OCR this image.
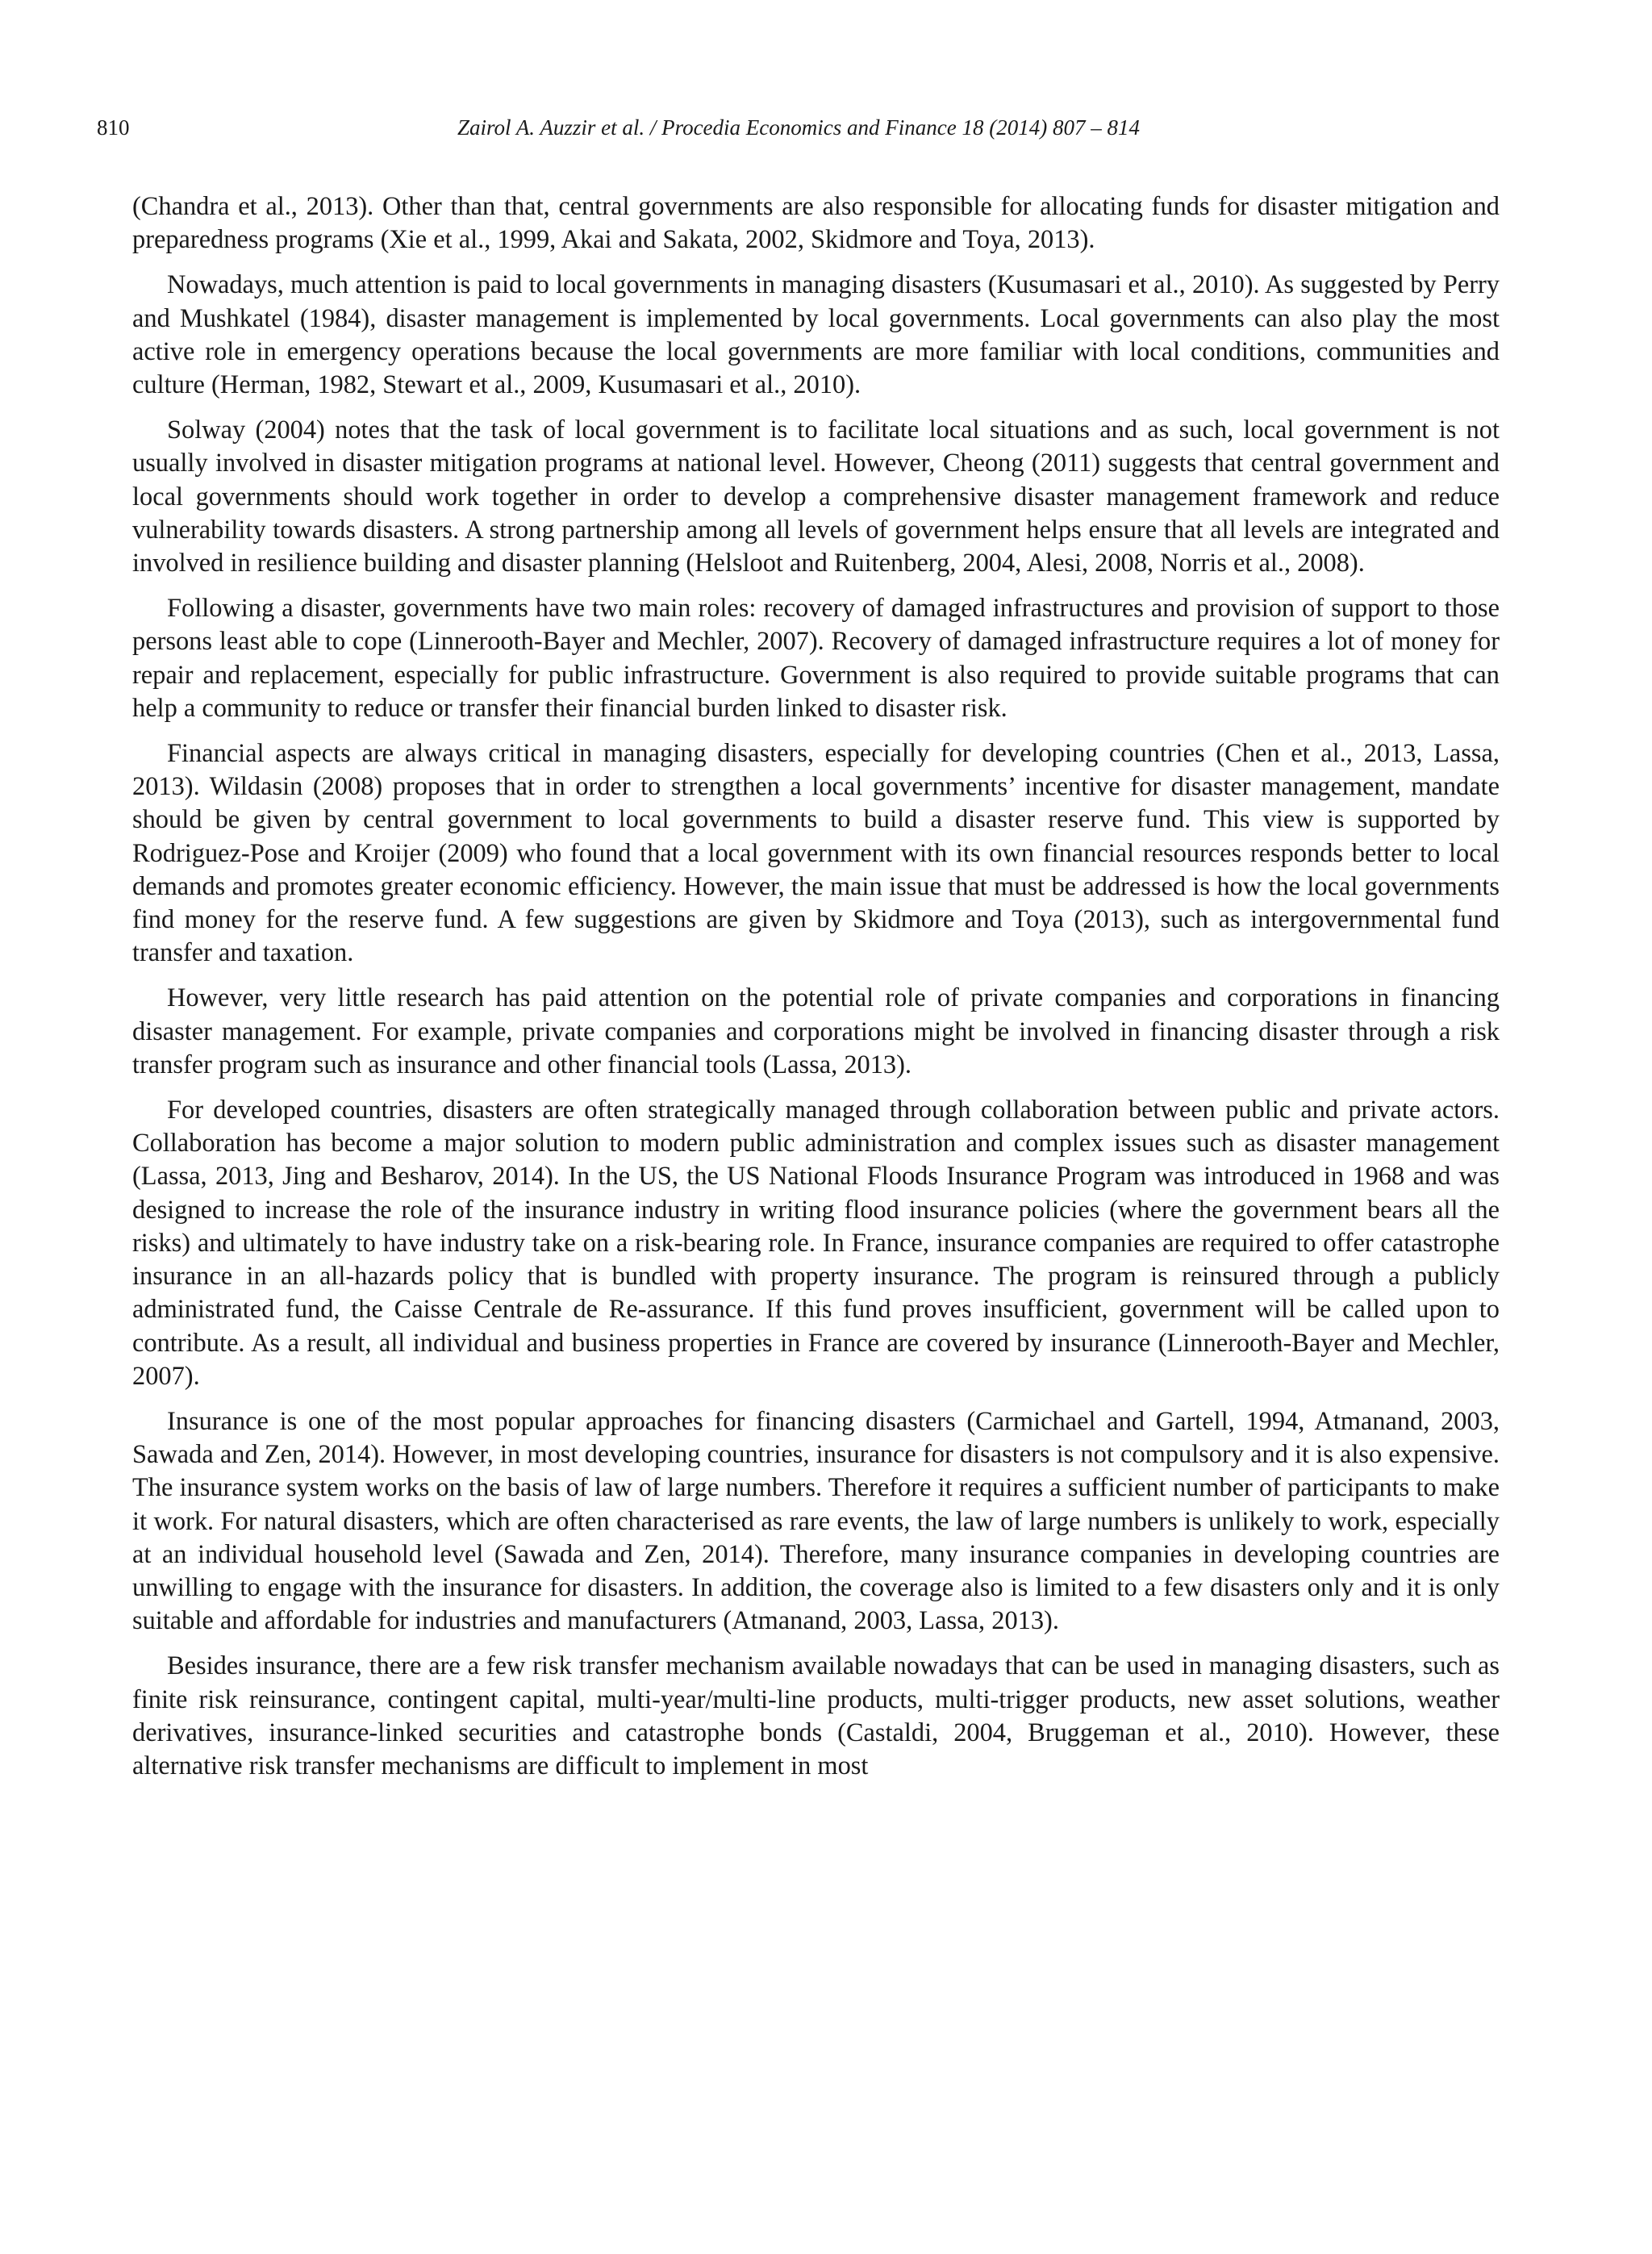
810	Zairol A. Auzzir et al. / Procedia Economics and Finance 18 (2014) 807 – 814

(Chandra et al., 2013). Other than that, central governments are also responsible for allocating funds for disaster mitigation and preparedness programs (Xie et al., 1999, Akai and Sakata, 2002, Skidmore and Toya, 2013).

Nowadays, much attention is paid to local governments in managing disasters (Kusumasari et al., 2010). As suggested by Perry and Mushkatel (1984), disaster management is implemented by local governments. Local governments can also play the most active role in emergency operations because the local governments are more familiar with local conditions, communities and culture (Herman, 1982, Stewart et al., 2009, Kusumasari et al., 2010).

Solway (2004) notes that the task of local government is to facilitate local situations and as such, local government is not usually involved in disaster mitigation programs at national level. However, Cheong (2011) suggests that central government and local governments should work together in order to develop a comprehensive disaster management framework and reduce vulnerability towards disasters. A strong partnership among all levels of government helps ensure that all levels are integrated and involved in resilience building and disaster planning (Helsloot and Ruitenberg, 2004, Alesi, 2008, Norris et al., 2008).

Following a disaster, governments have two main roles: recovery of damaged infrastructures and provision of support to those persons least able to cope (Linnerooth-Bayer and Mechler, 2007). Recovery of damaged infrastructure requires a lot of money for repair and replacement, especially for public infrastructure. Government is also required to provide suitable programs that can help a community to reduce or transfer their financial burden linked to disaster risk.

Financial aspects are always critical in managing disasters, especially for developing countries (Chen et al., 2013, Lassa, 2013). Wildasin (2008) proposes that in order to strengthen a local governments’ incentive for disaster management, mandate should be given by central government to local governments to build a disaster reserve fund. This view is supported by Rodriguez-Pose and Kroijer (2009) who found that a local government with its own financial resources responds better to local demands and promotes greater economic efficiency. However, the main issue that must be addressed is how the local governments find money for the reserve fund. A few suggestions are given by Skidmore and Toya (2013), such as intergovernmental fund transfer and taxation.

However, very little research has paid attention on the potential role of private companies and corporations in financing disaster management. For example, private companies and corporations might be involved in financing disaster through a risk transfer program such as insurance and other financial tools (Lassa, 2013).

For developed countries, disasters are often strategically managed through collaboration between public and private actors. Collaboration has become a major solution to modern public administration and complex issues such as disaster management (Lassa, 2013, Jing and Besharov, 2014). In the US, the US National Floods Insurance Program was introduced in 1968 and was designed to increase the role of the insurance industry in writing flood insurance policies (where the government bears all the risks) and ultimately to have industry take on a risk-bearing role. In France, insurance companies are required to offer catastrophe insurance in an all-hazards policy that is bundled with property insurance. The program is reinsured through a publicly administrated fund, the Caisse Centrale de Re-assurance. If this fund proves insufficient, government will be called upon to contribute. As a result, all individual and business properties in France are covered by insurance (Linnerooth-Bayer and Mechler, 2007).

Insurance is one of the most popular approaches for financing disasters (Carmichael and Gartell, 1994, Atmanand, 2003, Sawada and Zen, 2014). However, in most developing countries, insurance for disasters is not compulsory and it is also expensive. The insurance system works on the basis of law of large numbers. Therefore it requires a sufficient number of participants to make it work. For natural disasters, which are often characterised as rare events, the law of large numbers is unlikely to work, especially at an individual household level (Sawada and Zen, 2014). Therefore, many insurance companies in developing countries are unwilling to engage with the insurance for disasters. In addition, the coverage also is limited to a few disasters only and it is only suitable and affordable for industries and manufacturers (Atmanand, 2003, Lassa, 2013).

Besides insurance, there are a few risk transfer mechanism available nowadays that can be used in managing disasters, such as finite risk reinsurance, contingent capital, multi-year/multi-line products, multi-trigger products, new asset solutions, weather derivatives, insurance-linked securities and catastrophe bonds (Castaldi, 2004, Bruggeman et al., 2010). However, these alternative risk transfer mechanisms are difficult to implement in most
